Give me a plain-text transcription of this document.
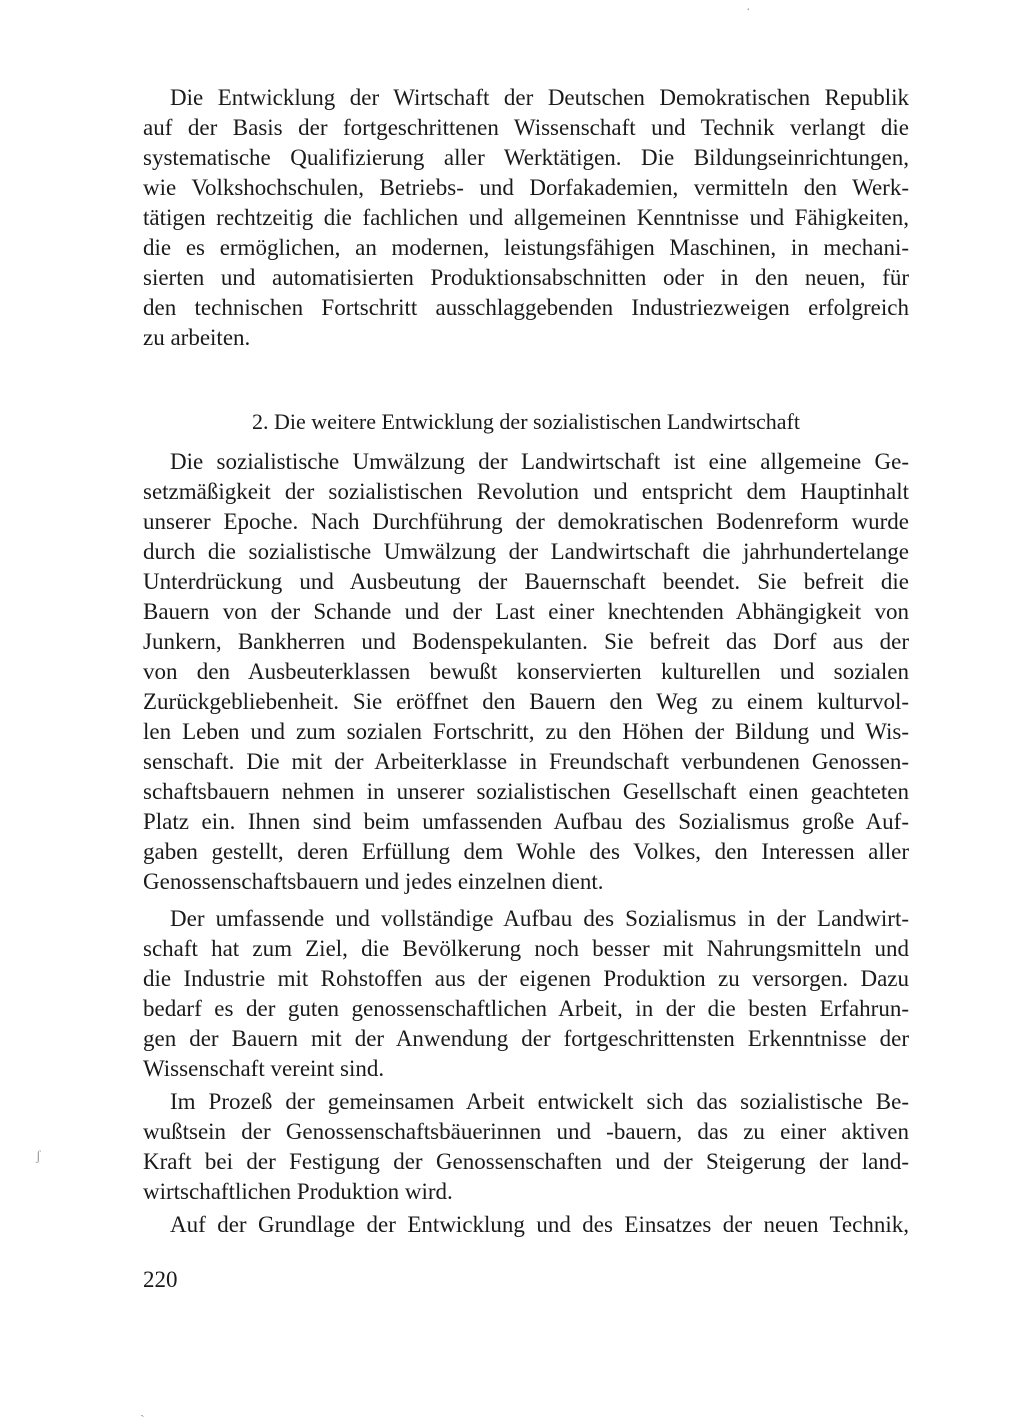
·
Die Entwicklung der Wirtschaft der Deutschen Demokratischen Republik
auf der Basis der fortgeschrittenen Wissenschaft und Technik verlangt die
systematische Qualifizierung aller Werktätigen. Die Bildungseinrichtungen,
wie Volkshochschulen, Betriebs- und Dorfakademien, vermitteln den Werk-
tätigen rechtzeitig die fachlichen und allgemeinen Kenntnisse und Fähigkeiten,
die es ermöglichen, an modernen, leistungsfähigen Maschinen, in mechani-
sierten und automatisierten Produktionsabschnitten oder in den neuen, für
den technischen Fortschritt ausschlaggebenden Industriezweigen erfolgreich
zu arbeiten.
2. Die weitere Entwicklung der sozialistischen Landwirtschaft
Die sozialistische Umwälzung der Landwirtschaft ist eine allgemeine Ge-
setzmäßigkeit der sozialistischen Revolution und entspricht dem Hauptinhalt
unserer Epoche. Nach Durchführung der demokratischen Bodenreform wurde
durch die sozialistische Umwälzung der Landwirtschaft die jahrhundertelange
Unterdrückung und Ausbeutung der Bauernschaft beendet. Sie befreit die
Bauern von der Schande und der Last einer knechtenden Abhängigkeit von
Junkern, Bankherren und Bodenspekulanten. Sie befreit das Dorf aus der
von den Ausbeuterklassen bewußt konservierten kulturellen und sozialen
Zurückgebliebenheit. Sie eröffnet den Bauern den Weg zu einem kulturvol-
len Leben und zum sozialen Fortschritt, zu den Höhen der Bildung und Wis-
senschaft. Die mit der Arbeiterklasse in Freundschaft verbundenen Genossen-
schaftsbauern nehmen in unserer sozialistischen Gesellschaft einen geachteten
Platz ein. Ihnen sind beim umfassenden Aufbau des Sozialismus große Auf-
gaben gestellt, deren Erfüllung dem Wohle des Volkes, den Interessen aller
Genossenschaftsbauern und jedes einzelnen dient.
Der umfassende und vollständige Aufbau des Sozialismus in der Landwirt-
schaft hat zum Ziel, die Bevölkerung noch besser mit Nahrungsmitteln und
die Industrie mit Rohstoffen aus der eigenen Produktion zu versorgen. Dazu
bedarf es der guten genossenschaftlichen Arbeit, in der die besten Erfahrun-
gen der Bauern mit der Anwendung der fortgeschrittensten Erkenntnisse der
Wissenschaft vereint sind.
Im Prozeß der gemeinsamen Arbeit entwickelt sich das sozialistische Be-
wußtsein der Genossenschaftsbäuerinnen und -bauern, das zu einer aktiven
Kraft bei der Festigung der Genossenschaften und der Steigerung der land-
wirtschaftlichen Produktion wird.
Auf der Grundlage der Entwicklung und des Einsatzes der neuen Technik,
ʃ
220
ˏ
